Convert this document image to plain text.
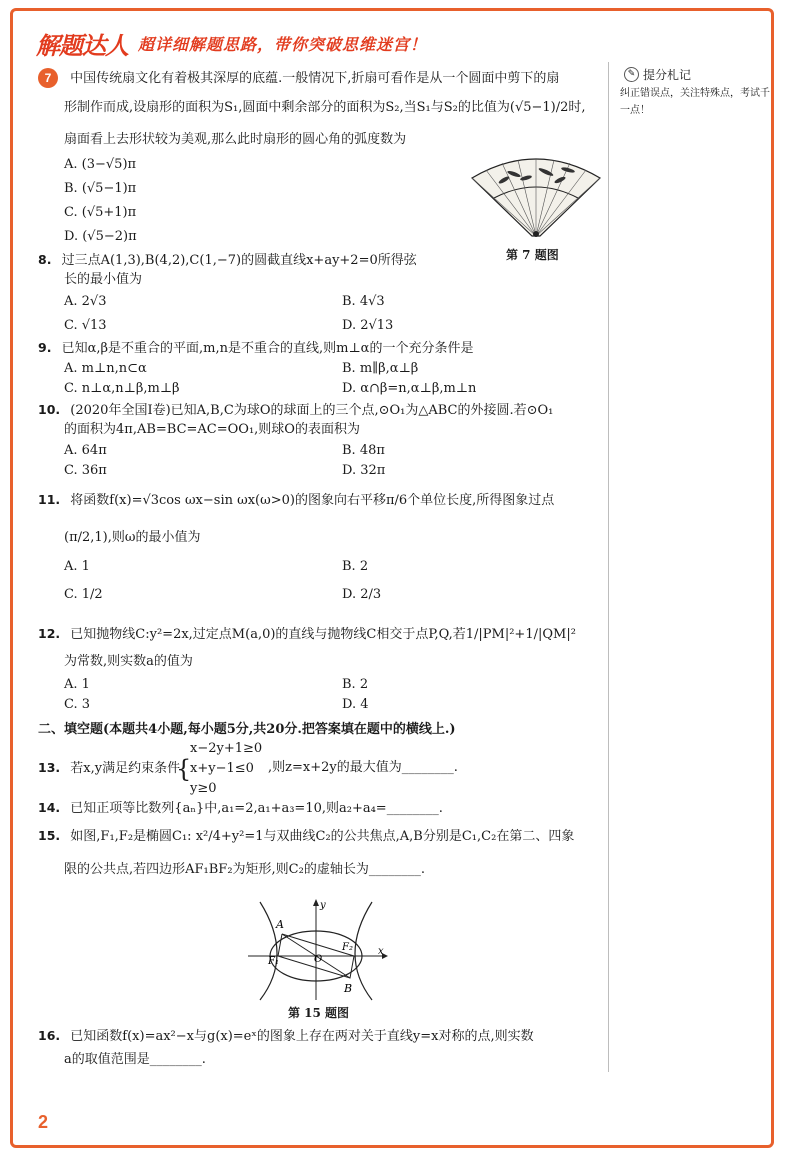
解题达人 超详细解题思路，带你突破思维迷宫！
✎ 提分札记
纠正错误点，关注特殊点，考试千一点！
7 中国传统扇文化有着极其深厚的底蕴.一般情况下,折扇可看作是从一个圆面中剪下的扇
形制作而成,设扇形的面积为S₁,圆面中剩余部分的面积为S₂,当S₁与S₂的比值为(√5−1)/2时,
扇面看上去形状较为美观,那么此时扇形的圆心角的弧度数为
A. (3−√5)π
B. (√5−1)π
C. (√5+1)π
D. (√5−2)π
第 7 题图
8. 过三点A(1,3),B(4,2),C(1,−7)的圆截直线x+ay+2=0所得弦
长的最小值为
A. 2√3	B. 4√3
C. √13	D. 2√13
9. 已知α,β是不重合的平面,m,n是不重合的直线,则m⊥α的一个充分条件是
A. m⊥n,n⊂α	B. m∥β,α⊥β
C. n⊥α,n⊥β,m⊥β	D. α∩β=n,α⊥β,m⊥n
10. (2020年全国Ⅰ卷)已知A,B,C为球O的球面上的三个点,⊙O₁为△ABC的外接圆.若⊙O₁
的面积为4π,AB=BC=AC=OO₁,则球O的表面积为
A. 64π	B. 48π
C. 36π	D. 32π
11. 将函数f(x)=√3cos ωx−sin ωx(ω>0)的图象向右平移π/6个单位长度,所得图象过点
(π/2,1),则ω的最小值为
A. 1	B. 2
C. 1/2	D. 2/3
12. 已知抛物线C:y²=2x,过定点M(a,0)的直线与抛物线C相交于点P,Q,若1/|PM|²+1/|QM|²
为常数,则实数a的值为
A. 1	B. 2
C. 3	D. 4
二、填空题(本题共4小题,每小题5分,共20分.把答案填在题中的横线上.)
13. 若x,y满足约束条件
{
x−2y+1≥0
x+y−1≤0
y≥0
,则z=x+2y的最大值为________.
14. 已知正项等比数列{aₙ}中,a₁=2,a₁+a₃=10,则a₂+a₄=________.
15. 如图,F₁,F₂是椭圆C₁: x²/4+y²=1与双曲线C₂的公共焦点,A,B分别是C₁,C₂在第二、四象
限的公共点,若四边形AF₁BF₂为矩形,则C₂的虚轴长为________.
A
B
F₁
F₂
O
x
y
第 15 题图
16. 已知函数f(x)=ax²−x与g(x)=eˣ的图象上存在两对关于直线y=x对称的点,则实数
a的取值范围是________.
2
